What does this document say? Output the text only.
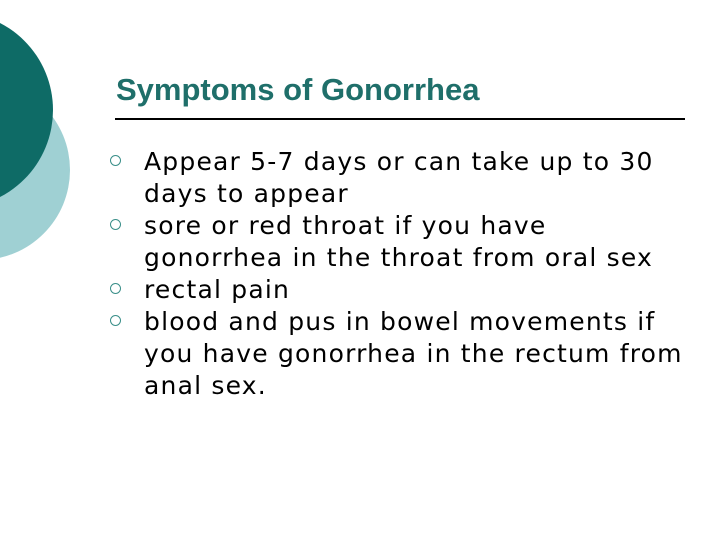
Symptoms of Gonorrhea
Appear 5-7 days or can take up to 30 days to appear
sore or red throat if you have gonorrhea in the throat from oral sex
rectal pain
blood and pus in bowel movements if you have gonorrhea in the rectum from anal sex.
